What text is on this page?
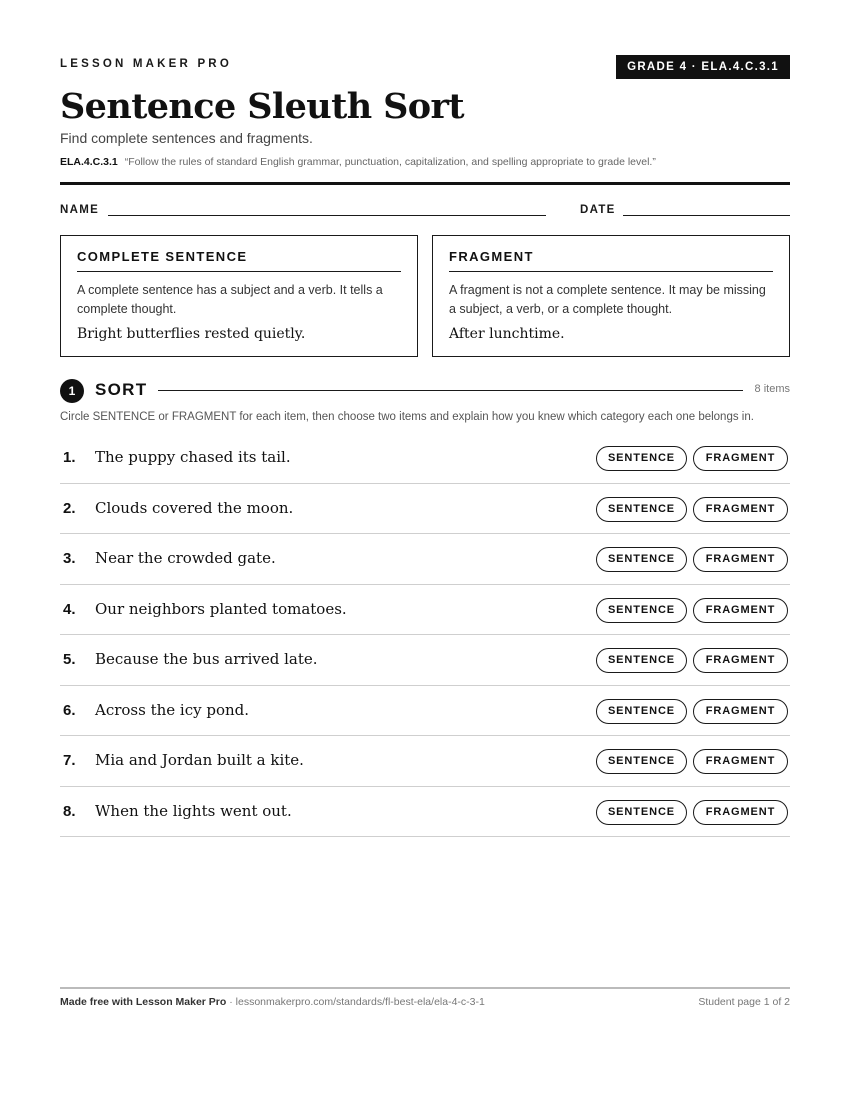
LESSON MAKER PRO	GRADE 4 · ELA.4.C.3.1
Sentence Sleuth Sort
Find complete sentences and fragments.
ELA.4.C.3.1 “Follow the rules of standard English grammar, punctuation, capitalization, and spelling appropriate to grade level.”
NAME	DATE
COMPLETE SENTENCE
A complete sentence has a subject and a verb. It tells a complete thought.
Bright butterflies rested quietly.
FRAGMENT
A fragment is not a complete sentence. It may be missing a subject, a verb, or a complete thought.
After lunchtime.
1	SORT	8 items
Circle SENTENCE or FRAGMENT for each item, then choose two items and explain how you knew which category each one belongs in.
1. The puppy chased its tail.	SENTENCE	FRAGMENT
2. Clouds covered the moon.	SENTENCE	FRAGMENT
3. Near the crowded gate.	SENTENCE	FRAGMENT
4. Our neighbors planted tomatoes.	SENTENCE	FRAGMENT
5. Because the bus arrived late.	SENTENCE	FRAGMENT
6. Across the icy pond.	SENTENCE	FRAGMENT
7. Mia and Jordan built a kite.	SENTENCE	FRAGMENT
8. When the lights went out.	SENTENCE	FRAGMENT
Made free with Lesson Maker Pro · lessonmakerpro.com/standards/fl-best-ela/ela-4-c-3-1	Student page 1 of 2
